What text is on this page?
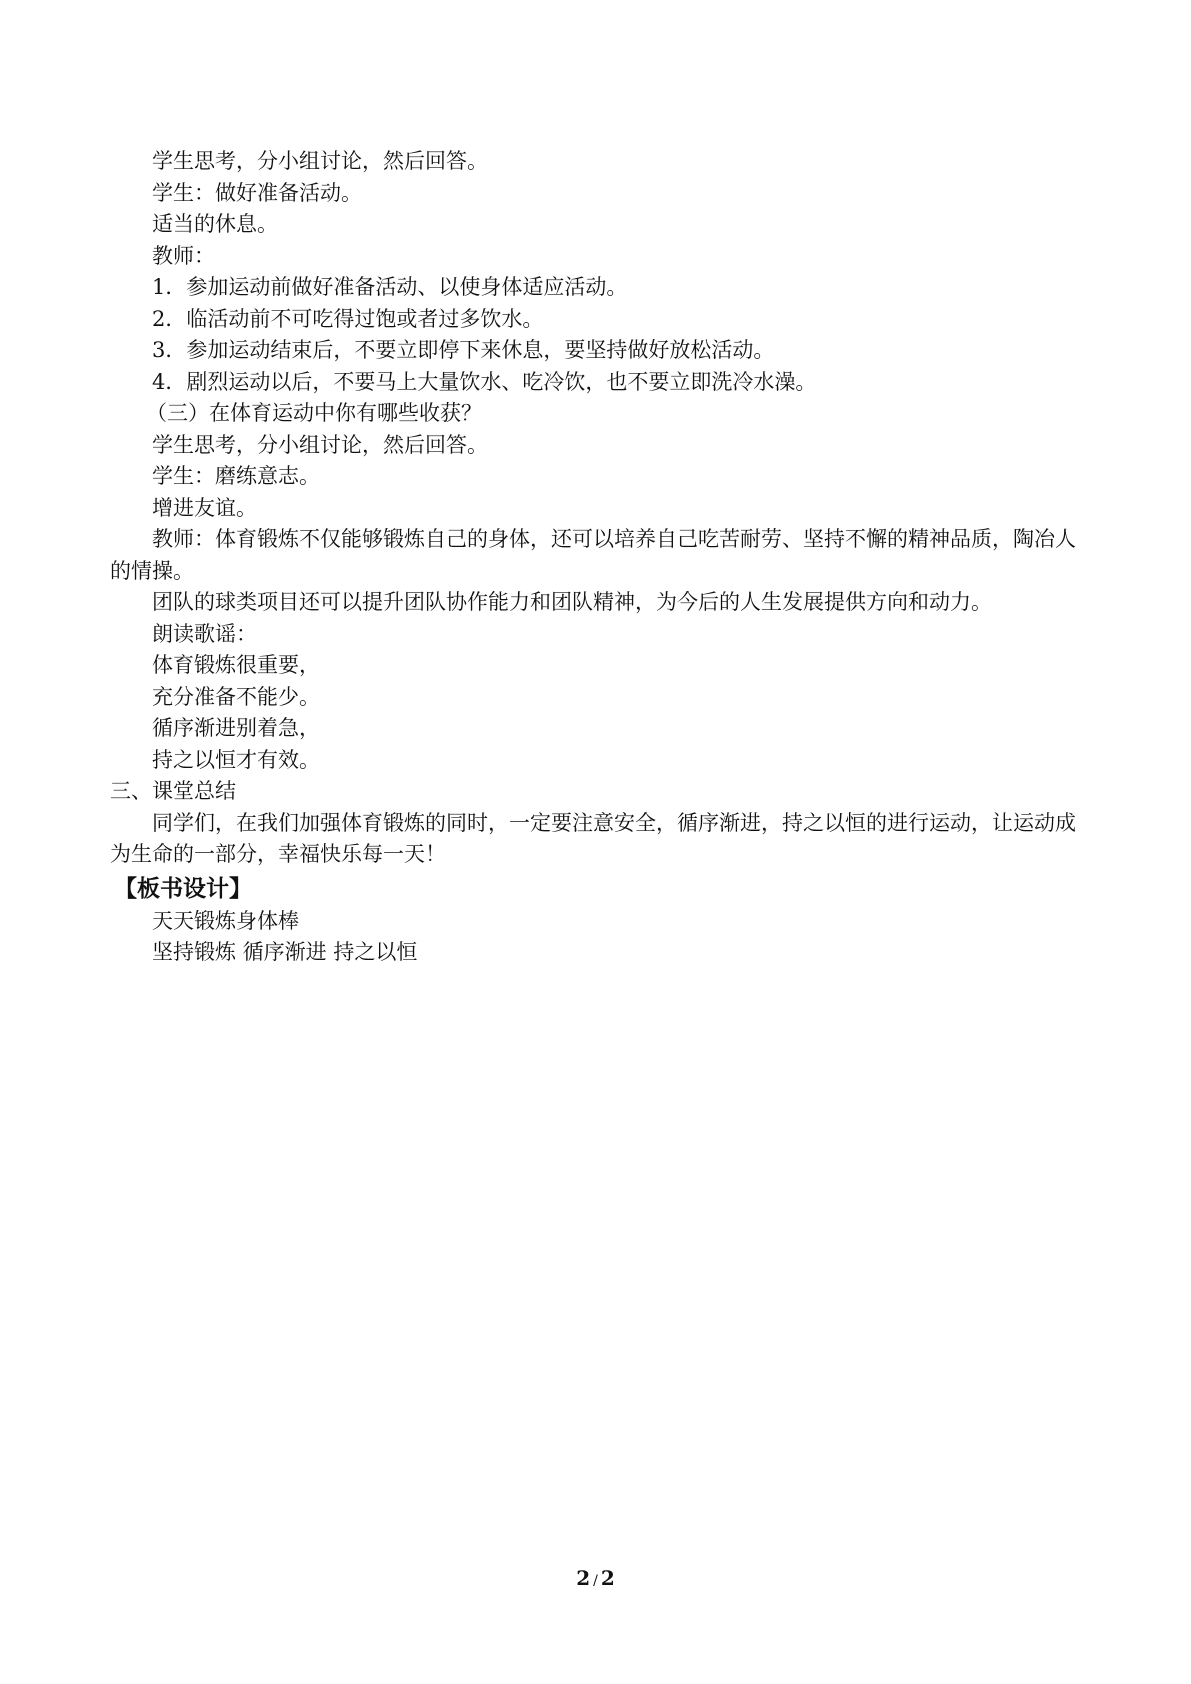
学生思考，分小组讨论，然后回答。
学生：做好准备活动。
适当的休息。
教师：
1．参加运动前做好准备活动、以使身体适应活动。
2．临活动前不可吃得过饱或者过多饮水。
3．参加运动结束后，不要立即停下来休息，要坚持做好放松活动。
4．剧烈运动以后，不要马上大量饮水、吃冷饮，也不要立即洗冷水澡。
（三）在体育运动中你有哪些收获？
学生思考，分小组讨论，然后回答。
学生：磨练意志。
增进友谊。
教师：体育锻炼不仅能够锻炼自己的身体，还可以培养自己吃苦耐劳、坚持不懈的精神品质，陶冶人的情操。
团队的球类项目还可以提升团队协作能力和团队精神，为今后的人生发展提供方向和动力。
朗读歌谣：
体育锻炼很重要，
充分准备不能少。
循序渐进别着急，
持之以恒才有效。
三、课堂总结
同学们，在我们加强体育锻炼的同时，一定要注意安全，循序渐进，持之以恒的进行运动，让运动成为生命的一部分，幸福快乐每一天！
【板书设计】
天天锻炼身体棒
坚持锻炼 循序渐进 持之以恒
2 / 2
